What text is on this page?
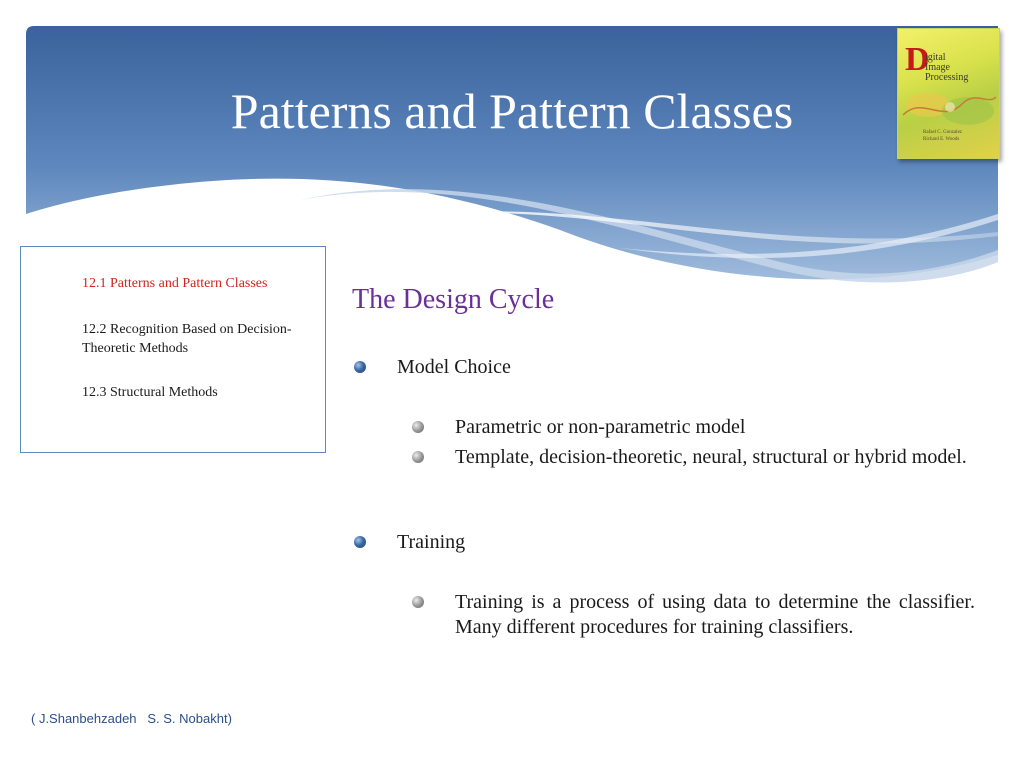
Patterns and Pattern Classes
D
igital
Image
Processing
Rafael C. Gonzalez
Richard E. Woods
12.1 Patterns and Pattern Classes
12.2 Recognition Based on Decision-Theoretic Methods
12.3 Structural Methods
The Design Cycle
Model Choice
Parametric or non-parametric model
Template, decision-theoretic, neural, structural or hybrid model.
Training
Training is a process of using data to determine the classifier. Many different procedures for training classifiers.
( J.Shanbehzadeh   S. S. Nobakht)
